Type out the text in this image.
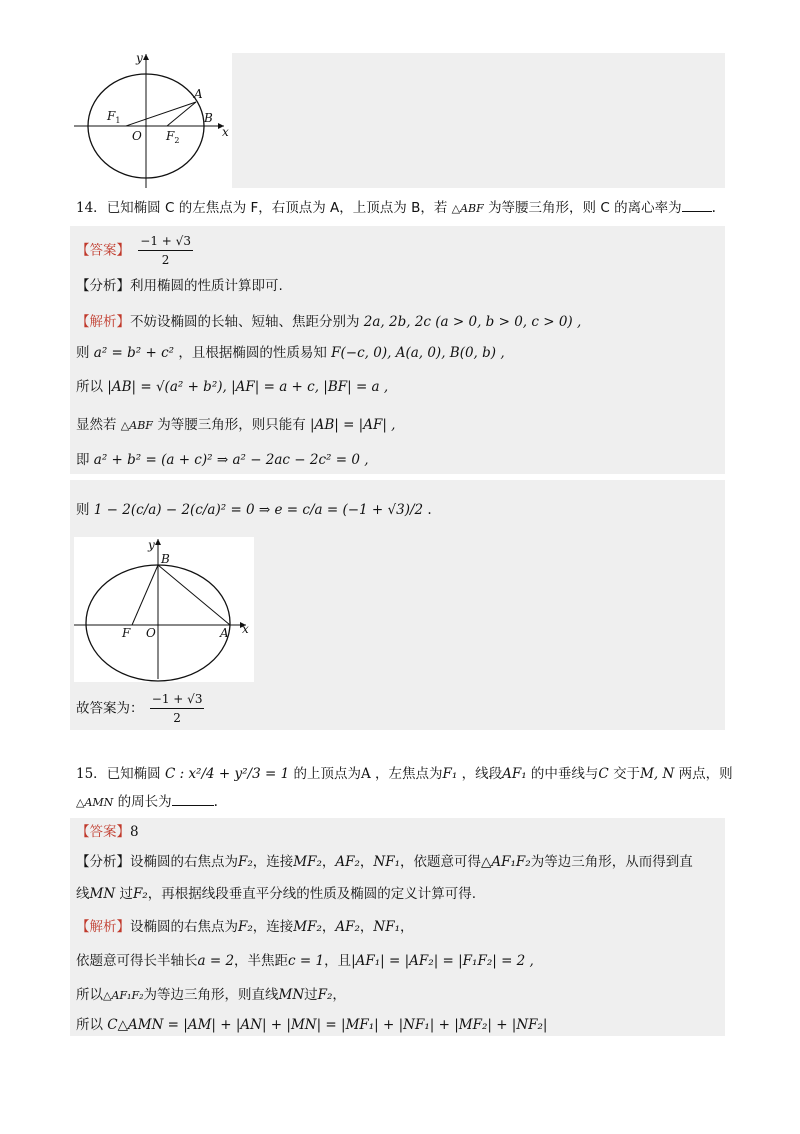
y
A
$F_1$	B
O $F_2$
x
14．已知椭圆 C 的左焦点为 F，右顶点为 A，上顶点为 B，若 △ABF 为等腰三角形，则 C 的离心率为 .
【答案】 $\frac{-1 + √3}{2}$
【分析】利用椭圆的性质计算即可.
【解析】不妨设椭圆的长轴、短轴、焦距分别为 2a, 2b, 2c (a > 0, b > 0, c > 0) ,
则 a² = b² + c² ，且根据椭圆的性质易知 F(−c, 0), A(a, 0), B(0, b) ,
所以 |AB| = √(a² + b²), |AF| = a + c, |BF| = a ,
显然若 △ABF 为等腰三角形，则只能有 |AB| = |AF| ,
即 a² + b² = (a + c)² ⇒ a² − 2ac − 2c² = 0 ,
则 1 − 2(c/a) − 2(c/a)² = 0 ⇒ e = c/a = (−1 + √3)/2 .
y
B
F O	A x
故答案为： $\frac{-1 + √3}{2}$
15．已知椭圆 C : x²/4 + y²/3 = 1 的上顶点为A ，左焦点为F₁ ，线段AF₁ 的中垂线与C 交于M, N 两点，则
△AMN 的周长为	.
【答案】8
【分析】设椭圆的右焦点为F₂，连接MF₂，AF₂，NF₁，依题意可得△AF₁F₂为等边三角形，从而得到直
线MN 过F₂，再根据线段垂直平分线的性质及椭圆的定义计算可得.
【解析】设椭圆的右焦点为F₂，连接MF₂，AF₂，NF₁，
依题意可得长半轴长a = 2，半焦距c = 1，且|AF₁| = |AF₂| = |F₁F₂| = 2 ,
所以△AF₁F₂为等边三角形，则直线MN过F₂，
所以 C△AMN = |AM| + |AN| + |MN| = |MF₁| + |NF₁| + |MF₂| + |NF₂|
